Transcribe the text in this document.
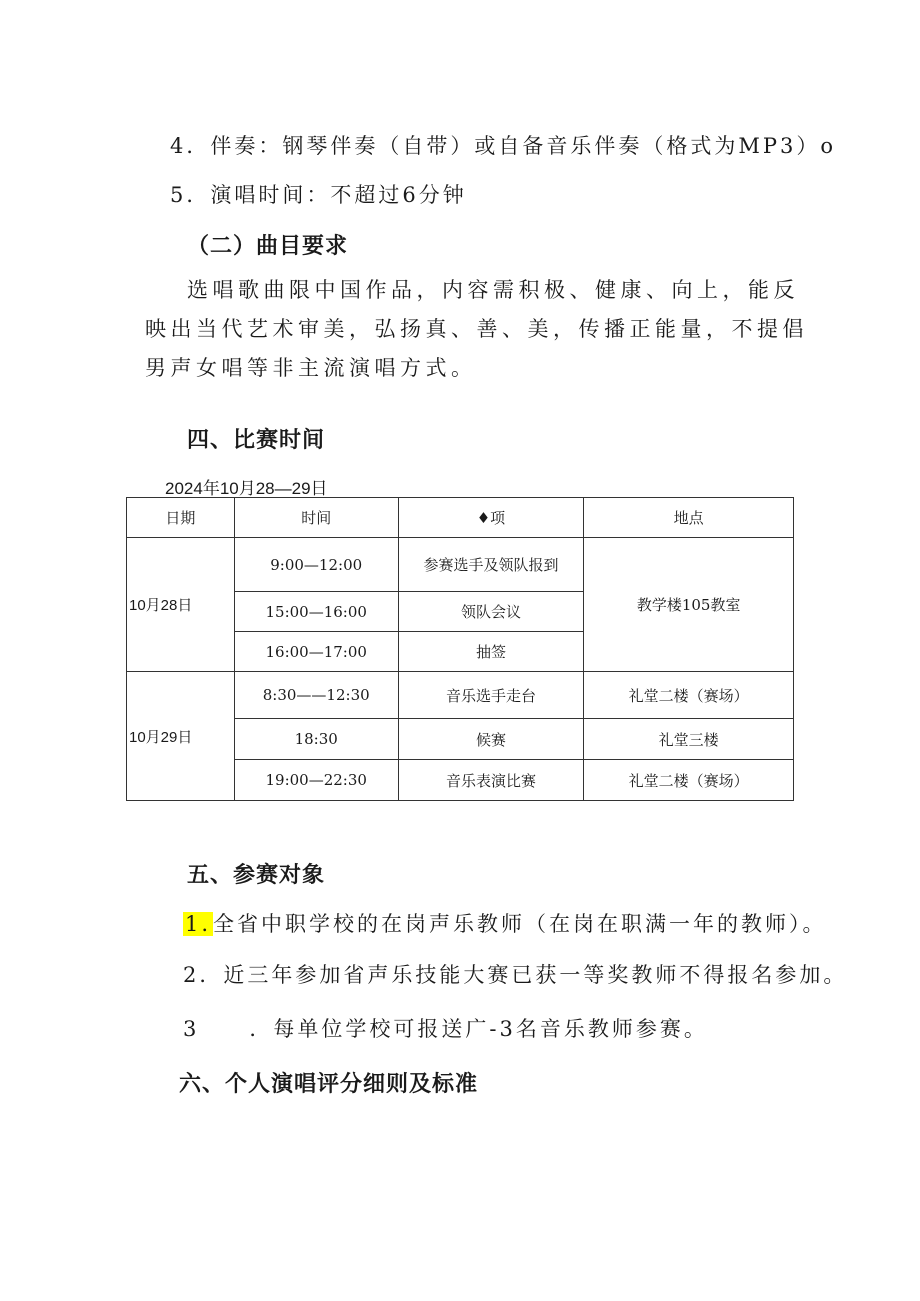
4．伴奏：钢琴伴奏（自带）或自备音乐伴奏（格式为MP3）o
5．演唱时间：不超过6分钟
（二）曲目要求
选唱歌曲限中国作品，内容需积极、健康、向上，能反映出当代艺术审美，弘扬真、善、美，传播正能量，不提倡男声女唱等非主流演唱方式。
四、比赛时间
2024年10月28—29日
日期	时间	♦项	地点
10月28日	9:00—12:00	参赛选手及领队报到	教学楼105教室
	15:00—16:00	领队会议	
	16:00—17:00	抽签	
10月29日	8:30——12:30	音乐选手走台	礼堂二楼（赛场）
	18:30	候赛	礼堂三楼
	19:00—22:30	音乐表演比赛	礼堂二楼（赛场）
五、参赛对象
1.全省中职学校的在岗声乐教师（在岗在职满一年的教师）。
2．近三年参加省声乐技能大赛已获一等奖教师不得报名参加。
3 ．每单位学校可报送广-3名音乐教师参赛。
六、个人演唱评分细则及标准
